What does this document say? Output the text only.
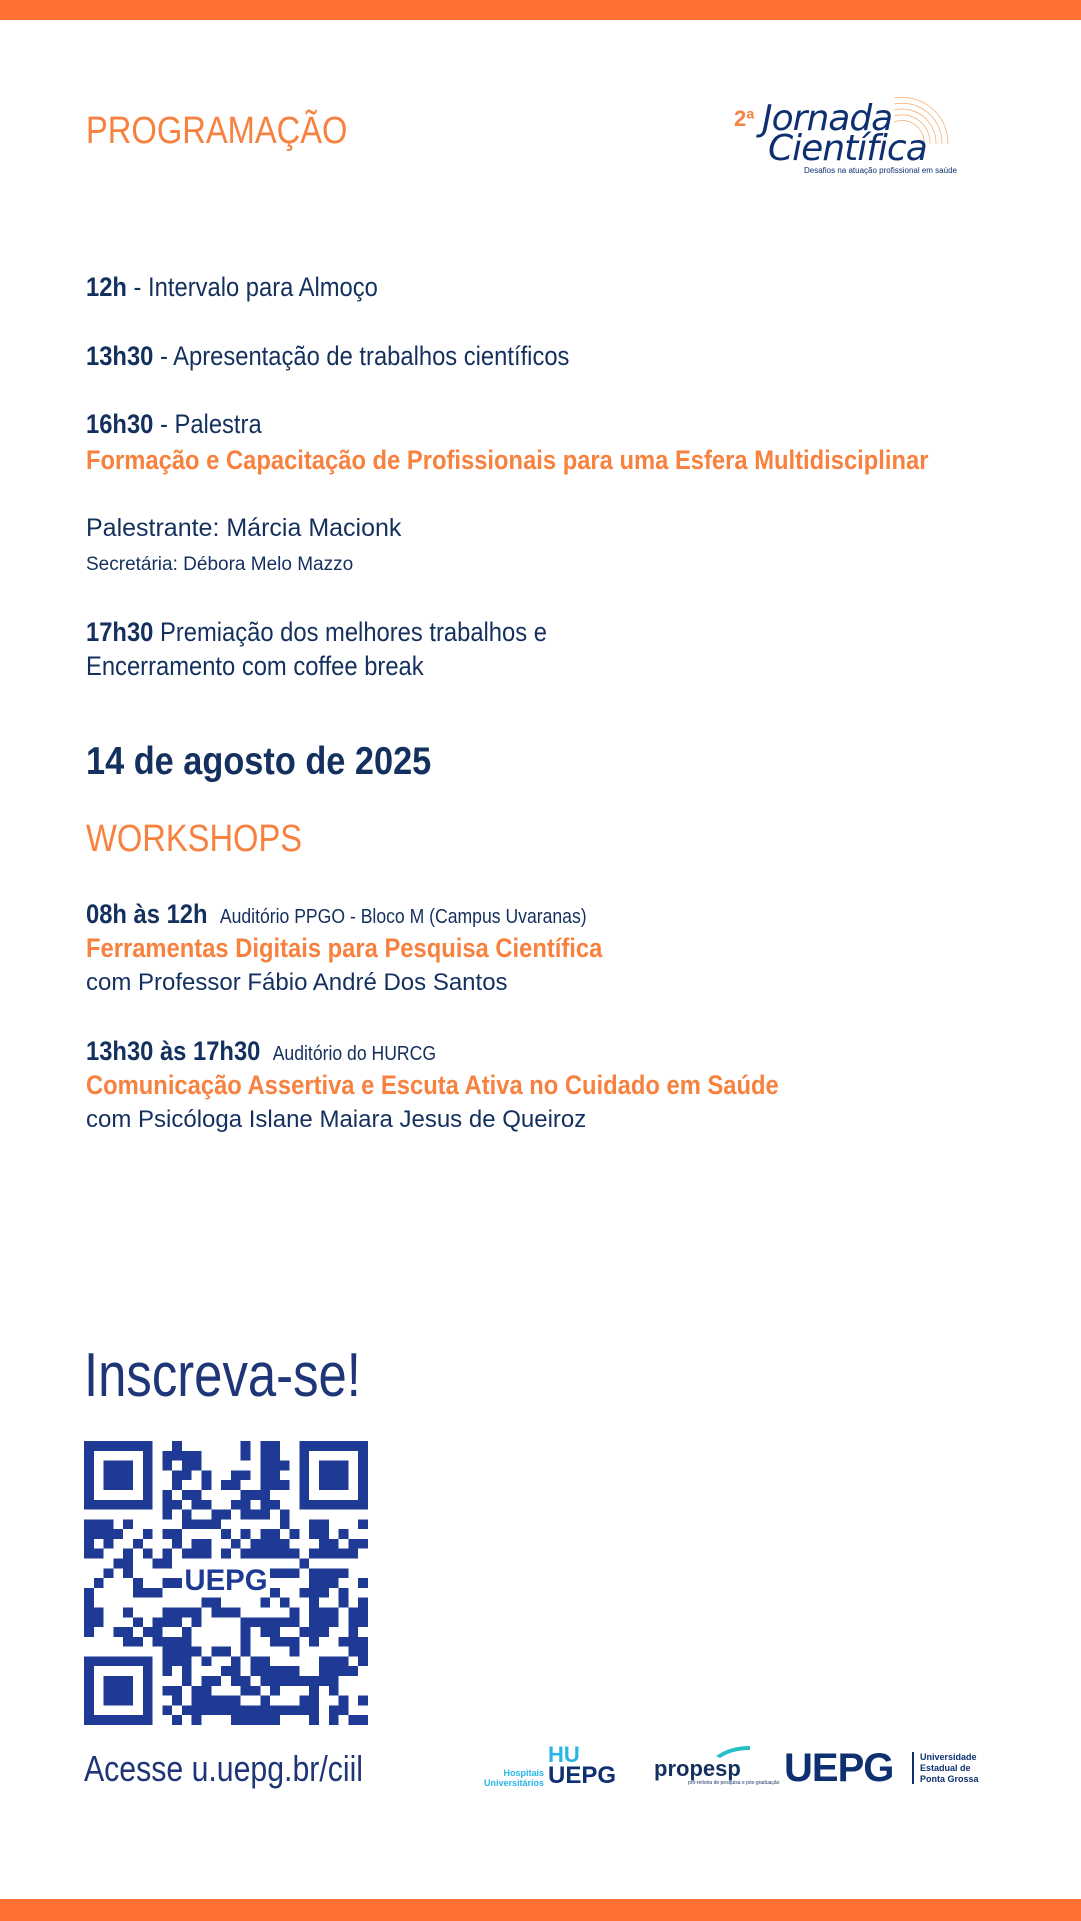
PROGRAMAÇÃO	2ª Jornada
Científica
Desafios na atuação profissional em saúde
12h - Intervalo para Almoço
13h30 - Apresentação de trabalhos científicos
16h30 - Palestra
Formação e Capacitação de Profissionais para uma Esfera Multidisciplinar
Palestrante: Márcia Macionk
Secretária: Débora Melo Mazzo
17h30 Premiação dos melhores trabalhos e
Encerramento com coffee break
14 de agosto de 2025
WORKSHOPS
08h às 12h Auditório PPGO - Bloco M (Campus Uvaranas)
Ferramentas Digitais para Pesquisa Científica
com Professor Fábio André Dos Santos
13h30 às 17h30 Auditório do HURCG
Comunicação Assertiva e Escuta Ativa no Cuidado em Saúde
com Psicóloga Islane Maiara Jesus de Queiroz
Inscreva-se!
UEPG
Acesse u.uepg.br/ciil	Hospitais Universitários
HU
UEPG propesp
pró-reitoria de pesquisa e pós-graduação UEPG	Universidade Estadual de Ponta Grossa
